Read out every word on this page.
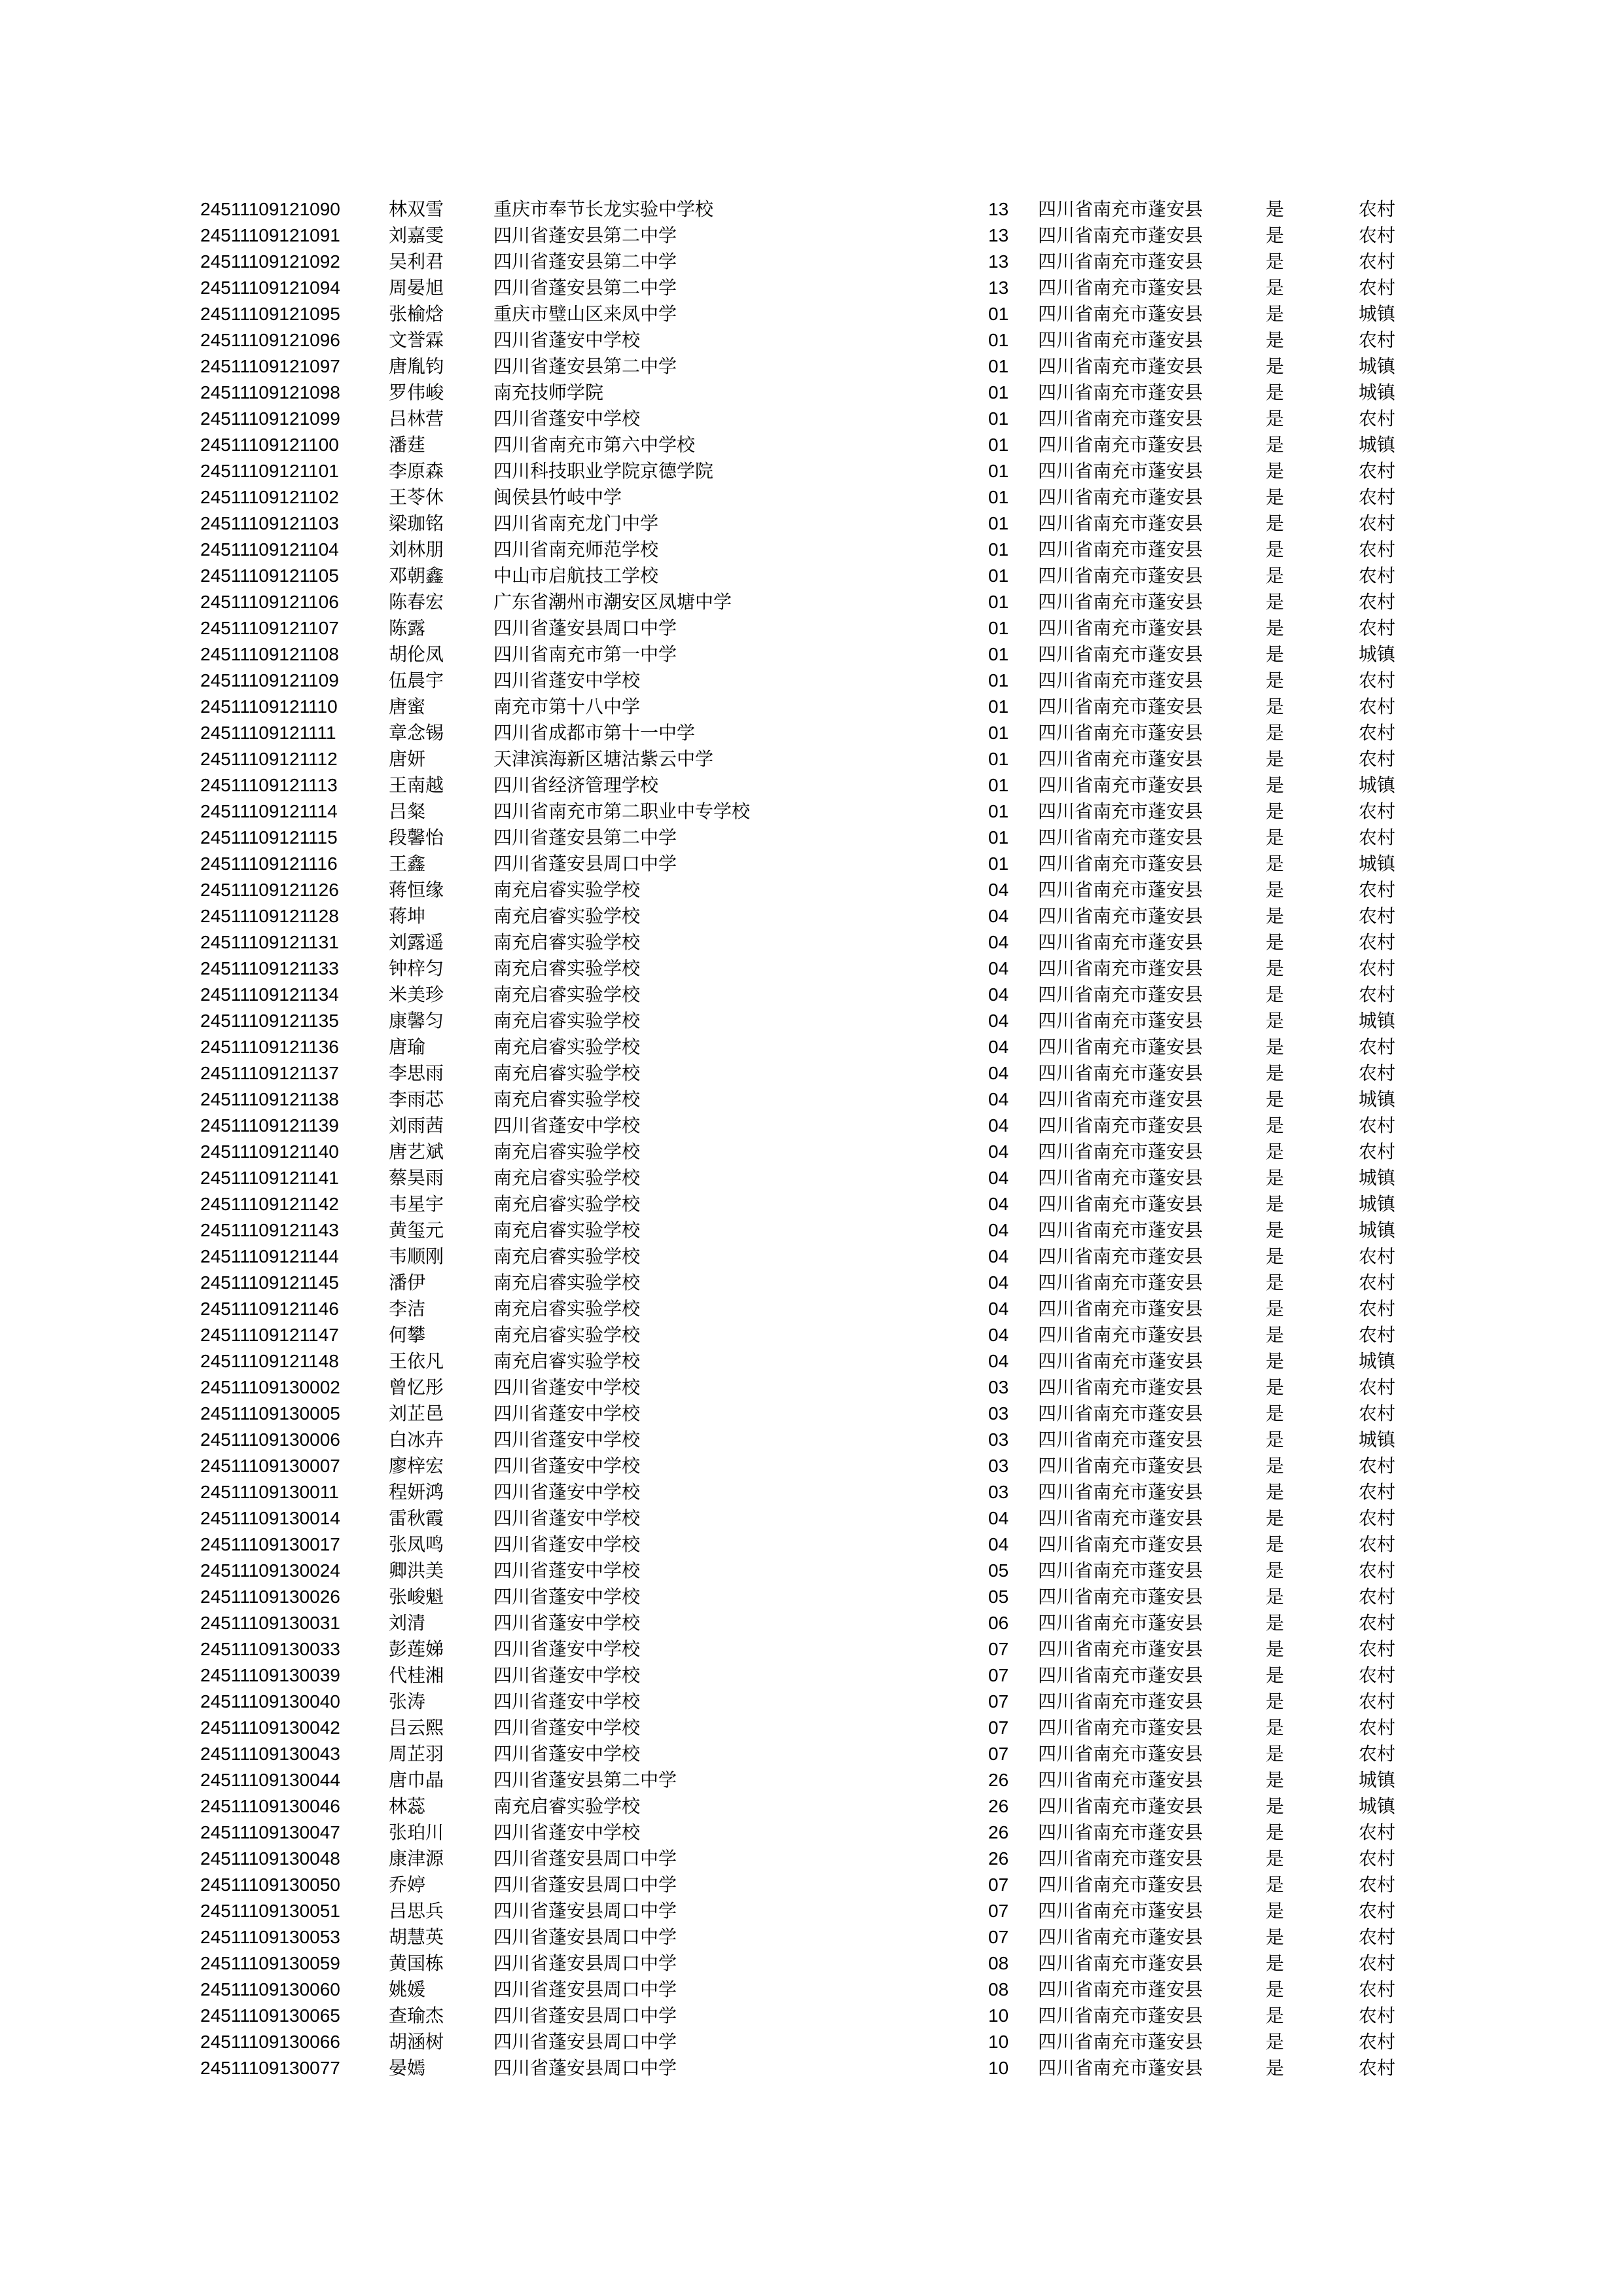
24511109121090	林双雪	重庆市奉节长龙实验中学校	13	四川省南充市蓬安县	是	农村
24511109121091	刘嘉雯	四川省蓬安县第二中学	13	四川省南充市蓬安县	是	农村
24511109121092	吴利君	四川省蓬安县第二中学	13	四川省南充市蓬安县	是	农村
24511109121094	周晏旭	四川省蓬安县第二中学	13	四川省南充市蓬安县	是	农村
24511109121095	张榆焓	重庆市璧山区来凤中学	01	四川省南充市蓬安县	是	城镇
24511109121096	文誉霖	四川省蓬安中学校	01	四川省南充市蓬安县	是	农村
24511109121097	唐胤钧	四川省蓬安县第二中学	01	四川省南充市蓬安县	是	城镇
24511109121098	罗伟峻	南充技师学院	01	四川省南充市蓬安县	是	城镇
24511109121099	吕林营	四川省蓬安中学校	01	四川省南充市蓬安县	是	农村
24511109121100	潘莛	四川省南充市第六中学校	01	四川省南充市蓬安县	是	城镇
24511109121101	李原森	四川科技职业学院京德学院	01	四川省南充市蓬安县	是	农村
24511109121102	王苓休	闽侯县竹岐中学	01	四川省南充市蓬安县	是	农村
24511109121103	梁珈铭	四川省南充龙门中学	01	四川省南充市蓬安县	是	农村
24511109121104	刘林朋	四川省南充师范学校	01	四川省南充市蓬安县	是	农村
24511109121105	邓朝鑫	中山市启航技工学校	01	四川省南充市蓬安县	是	农村
24511109121106	陈春宏	广东省潮州市潮安区凤塘中学	01	四川省南充市蓬安县	是	农村
24511109121107	陈露	四川省蓬安县周口中学	01	四川省南充市蓬安县	是	农村
24511109121108	胡伦凤	四川省南充市第一中学	01	四川省南充市蓬安县	是	城镇
24511109121109	伍晨宇	四川省蓬安中学校	01	四川省南充市蓬安县	是	农村
24511109121110	唐蜜	南充市第十八中学	01	四川省南充市蓬安县	是	农村
24511109121111	章念锡	四川省成都市第十一中学	01	四川省南充市蓬安县	是	农村
24511109121112	唐妍	天津滨海新区塘沽紫云中学	01	四川省南充市蓬安县	是	农村
24511109121113	王南越	四川省经济管理学校	01	四川省南充市蓬安县	是	城镇
24511109121114	吕粲	四川省南充市第二职业中专学校	01	四川省南充市蓬安县	是	农村
24511109121115	段馨怡	四川省蓬安县第二中学	01	四川省南充市蓬安县	是	农村
24511109121116	王鑫	四川省蓬安县周口中学	01	四川省南充市蓬安县	是	城镇
24511109121126	蒋恒缘	南充启睿实验学校	04	四川省南充市蓬安县	是	农村
24511109121128	蒋坤	南充启睿实验学校	04	四川省南充市蓬安县	是	农村
24511109121131	刘露遥	南充启睿实验学校	04	四川省南充市蓬安县	是	农村
24511109121133	钟梓匀	南充启睿实验学校	04	四川省南充市蓬安县	是	农村
24511109121134	米美珍	南充启睿实验学校	04	四川省南充市蓬安县	是	农村
24511109121135	康馨匀	南充启睿实验学校	04	四川省南充市蓬安县	是	城镇
24511109121136	唐瑜	南充启睿实验学校	04	四川省南充市蓬安县	是	农村
24511109121137	李思雨	南充启睿实验学校	04	四川省南充市蓬安县	是	农村
24511109121138	李雨芯	南充启睿实验学校	04	四川省南充市蓬安县	是	城镇
24511109121139	刘雨茜	四川省蓬安中学校	04	四川省南充市蓬安县	是	农村
24511109121140	唐艺斌	南充启睿实验学校	04	四川省南充市蓬安县	是	农村
24511109121141	蔡昊雨	南充启睿实验学校	04	四川省南充市蓬安县	是	城镇
24511109121142	韦星宇	南充启睿实验学校	04	四川省南充市蓬安县	是	城镇
24511109121143	黄玺元	南充启睿实验学校	04	四川省南充市蓬安县	是	城镇
24511109121144	韦顺刚	南充启睿实验学校	04	四川省南充市蓬安县	是	农村
24511109121145	潘伊	南充启睿实验学校	04	四川省南充市蓬安县	是	农村
24511109121146	李洁	南充启睿实验学校	04	四川省南充市蓬安县	是	农村
24511109121147	何攀	南充启睿实验学校	04	四川省南充市蓬安县	是	农村
24511109121148	王依凡	南充启睿实验学校	04	四川省南充市蓬安县	是	城镇
24511109130002	曾忆彤	四川省蓬安中学校	03	四川省南充市蓬安县	是	农村
24511109130005	刘芷邑	四川省蓬安中学校	03	四川省南充市蓬安县	是	农村
24511109130006	白冰卉	四川省蓬安中学校	03	四川省南充市蓬安县	是	城镇
24511109130007	廖梓宏	四川省蓬安中学校	03	四川省南充市蓬安县	是	农村
24511109130011	程妍鸿	四川省蓬安中学校	03	四川省南充市蓬安县	是	农村
24511109130014	雷秋霞	四川省蓬安中学校	04	四川省南充市蓬安县	是	农村
24511109130017	张凤鸣	四川省蓬安中学校	04	四川省南充市蓬安县	是	农村
24511109130024	卿洪美	四川省蓬安中学校	05	四川省南充市蓬安县	是	农村
24511109130026	张峻魁	四川省蓬安中学校	05	四川省南充市蓬安县	是	农村
24511109130031	刘清	四川省蓬安中学校	06	四川省南充市蓬安县	是	农村
24511109130033	彭莲娣	四川省蓬安中学校	07	四川省南充市蓬安县	是	农村
24511109130039	代桂湘	四川省蓬安中学校	07	四川省南充市蓬安县	是	农村
24511109130040	张涛	四川省蓬安中学校	07	四川省南充市蓬安县	是	农村
24511109130042	吕云熙	四川省蓬安中学校	07	四川省南充市蓬安县	是	农村
24511109130043	周芷羽	四川省蓬安中学校	07	四川省南充市蓬安县	是	农村
24511109130044	唐巾晶	四川省蓬安县第二中学	26	四川省南充市蓬安县	是	城镇
24511109130046	林蕊	南充启睿实验学校	26	四川省南充市蓬安县	是	城镇
24511109130047	张珀川	四川省蓬安中学校	26	四川省南充市蓬安县	是	农村
24511109130048	康津源	四川省蓬安县周口中学	26	四川省南充市蓬安县	是	农村
24511109130050	乔婷	四川省蓬安县周口中学	07	四川省南充市蓬安县	是	农村
24511109130051	吕思兵	四川省蓬安县周口中学	07	四川省南充市蓬安县	是	农村
24511109130053	胡慧英	四川省蓬安县周口中学	07	四川省南充市蓬安县	是	农村
24511109130059	黄国栋	四川省蓬安县周口中学	08	四川省南充市蓬安县	是	农村
24511109130060	姚媛	四川省蓬安县周口中学	08	四川省南充市蓬安县	是	农村
24511109130065	查瑜杰	四川省蓬安县周口中学	10	四川省南充市蓬安县	是	农村
24511109130066	胡涵树	四川省蓬安县周口中学	10	四川省南充市蓬安县	是	农村
24511109130077	晏嫣	四川省蓬安县周口中学	10	四川省南充市蓬安县	是	农村
